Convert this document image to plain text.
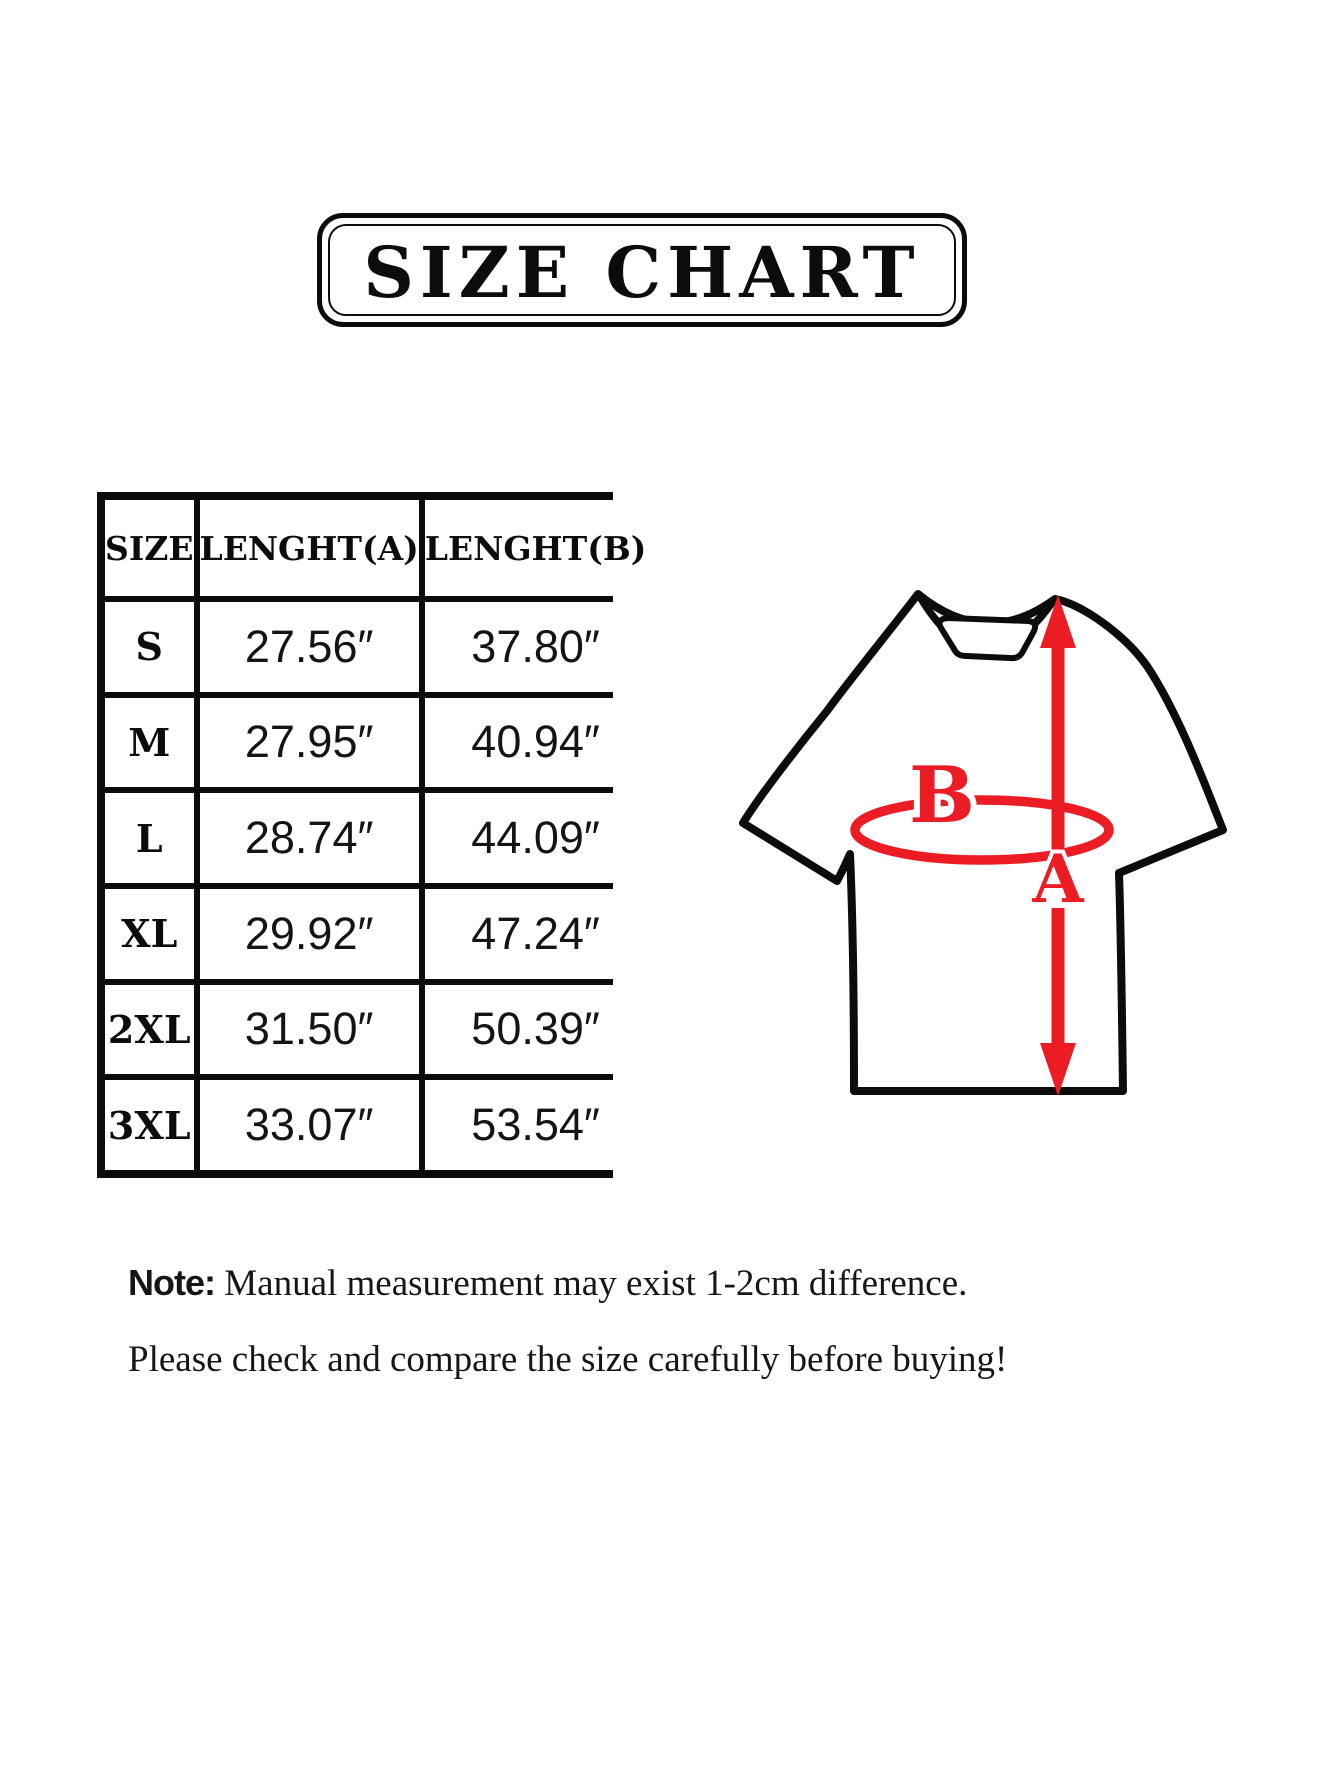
SIZE CHART
SIZE LENGHT(A) LENGHT(B)
S	27.56″	37.80″
M	27.95″	40.94″
L	28.74″	44.09″
XL	29.92″	47.24″
2XL	31.50″	50.39″
3XL	33.07″	53.54″
B
A
Note: Manual measurement may exist 1-2cm difference.
Please check and compare the size carefully before buying!
